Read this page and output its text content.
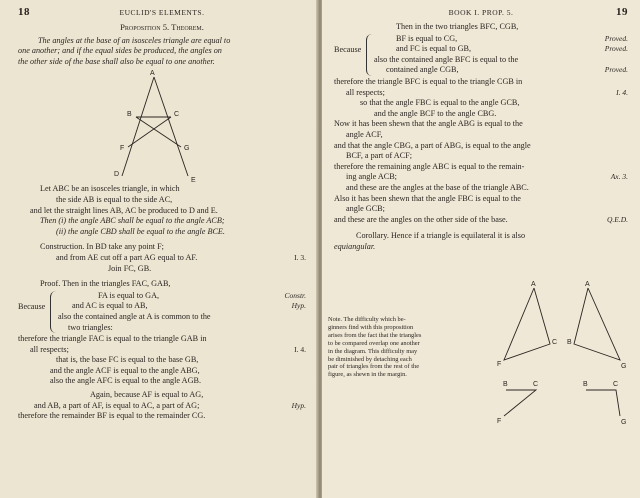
18	EUCLID'S ELEMENTS.
Proposition 5. Theorem.
The angles at the base of an isosceles triangle are equal to
one another; and if the equal sides be produced, the angles on
the other side of the base shall also be equal to one another.
A
B	C
F	G
D
E
Let ABC be an isosceles triangle, in which
the side AB is equal to the side AC,
and let the straight lines AB, AC be produced to D and E.
Then (i) the angle ABC shall be equal to the angle ACB;
(ii) the angle CBD shall be equal to the angle BCE.
Construction. In BD take any point F;
and from AE cut off a part AG equal to AF.	I. 3.
Join FC, GB.
Proof. Then in the triangles FAC, GAB,
Because
FA is equal to GA,	Constr.
and AC is equal to AB,	Hyp.
also the contained angle at A is common to the
two triangles:
therefore the triangle FAC is equal to the triangle GAB in
all respects;	I. 4.
that is, the base FC is equal to the base GB,
and the angle ACF is equal to the angle ABG,
also the angle AFC is equal to the angle AGB.
Again, because AF is equal to AG,
and AB, a part of AF, is equal to AC, a part of AG;	Hyp.
therefore the remainder BF is equal to the remainder CG.
BOOK I. PROP. 5.	19
Then in the two triangles BFC, CGB,
Because
BF is equal to CG,	Proved.
and FC is equal to GB,	Proved.
also the contained angle BFC is equal to the
contained angle CGB,	Proved.
therefore the triangle BFC is equal to the triangle CGB in
all respects;	I. 4.
so that the angle FBC is equal to the angle GCB,
and the angle BCF to the angle CBG.
Now it has been shewn that the angle ABG is equal to the
angle ACF,
and that the angle CBG, a part of ABG, is equal to the angle
BCF, a part of ACF;
therefore the remaining angle ABC is equal to the remain-
ing angle ACB;	Ax. 3.
and these are the angles at the base of the triangle ABC.
Also it has been shewn that the angle FBC is equal to the
angle GCB;
and these are the angles on the other side of the base.	Q.E.D.
Corollary. Hence if a triangle is equilateral it is also
equiangular.
Note. The difficulty which be-
ginners find with this proposition
arises from the fact that the triangles
to be compared overlap one another
in the diagram. This difficulty may
be diminished by detaching each
pair of triangles from the rest of the
figure, as shewn in the margin.
A	A
F
C B
G
B	C	B	C
F	G
